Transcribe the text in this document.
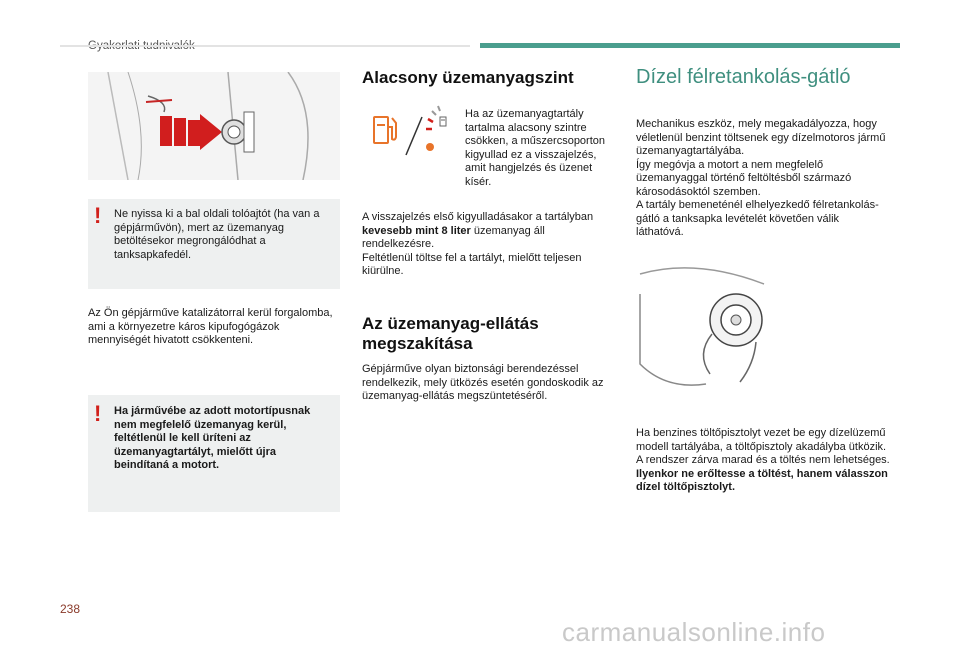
! Ne nyissa ki a bal oldali tolóajtót (ha van a gépjárművön), mert az üzemanyag betöltésekor megrongálódhat a tanksapkafedél.
Az Ön gépjárműve katalizátorral kerül forgalomba, ami a környezetre káros kipufogógázok mennyiségét hivatott csökkenteni.
! Ha járművébe az adott motortípusnak nem megfelelő üzemanyag kerül, feltétlenül le kell üríteni az üzemanyagtartályt, mielőtt újra beindítaná a motort.
Alacsony üzemanyagszint
Ha az üzemanyagtartály tartalma alacsony szintre csökken, a műszercsoporton kigyullad ez a visszajelzés, amit hangjelzés és üzenet kísér.
A visszajelzés első kigyulladásakor a tartályban kevesebb mint 8 liter üzemanyag áll rendelkezésre.
Feltétlenül töltse fel a tartályt, mielőtt teljesen kiürülne.
Az üzemanyag-ellátás megszakítása
Gépjárműve olyan biztonsági berendezéssel rendelkezik, mely ütközés esetén gondoskodik az üzemanyag-ellátás megszüntetéséről.
Dízel félretankolás-gátló
Mechanikus eszköz, mely megakadályozza, hogy véletlenül benzint töltsenek egy dízelmotoros jármű üzemanyagtartályába.
Így megóvja a motort a nem megfelelő üzemanyaggal történő feltöltésből származó károsodásoktól szemben.
A tartály bemeneténél elhelyezkedő félretankolás-gátló a tanksapka levételét követően válik láthatóvá.
Ha benzines töltőpisztolyt vezet be egy dízelüzemű modell tartályába, a töltőpisztoly akadályba ütközik. A rendszer zárva marad és a töltés nem lehetséges.
Ilyenkor ne erőltesse a töltést, hanem válasszon dízel töltőpisztolyt.
238
carmanualsonline.info
